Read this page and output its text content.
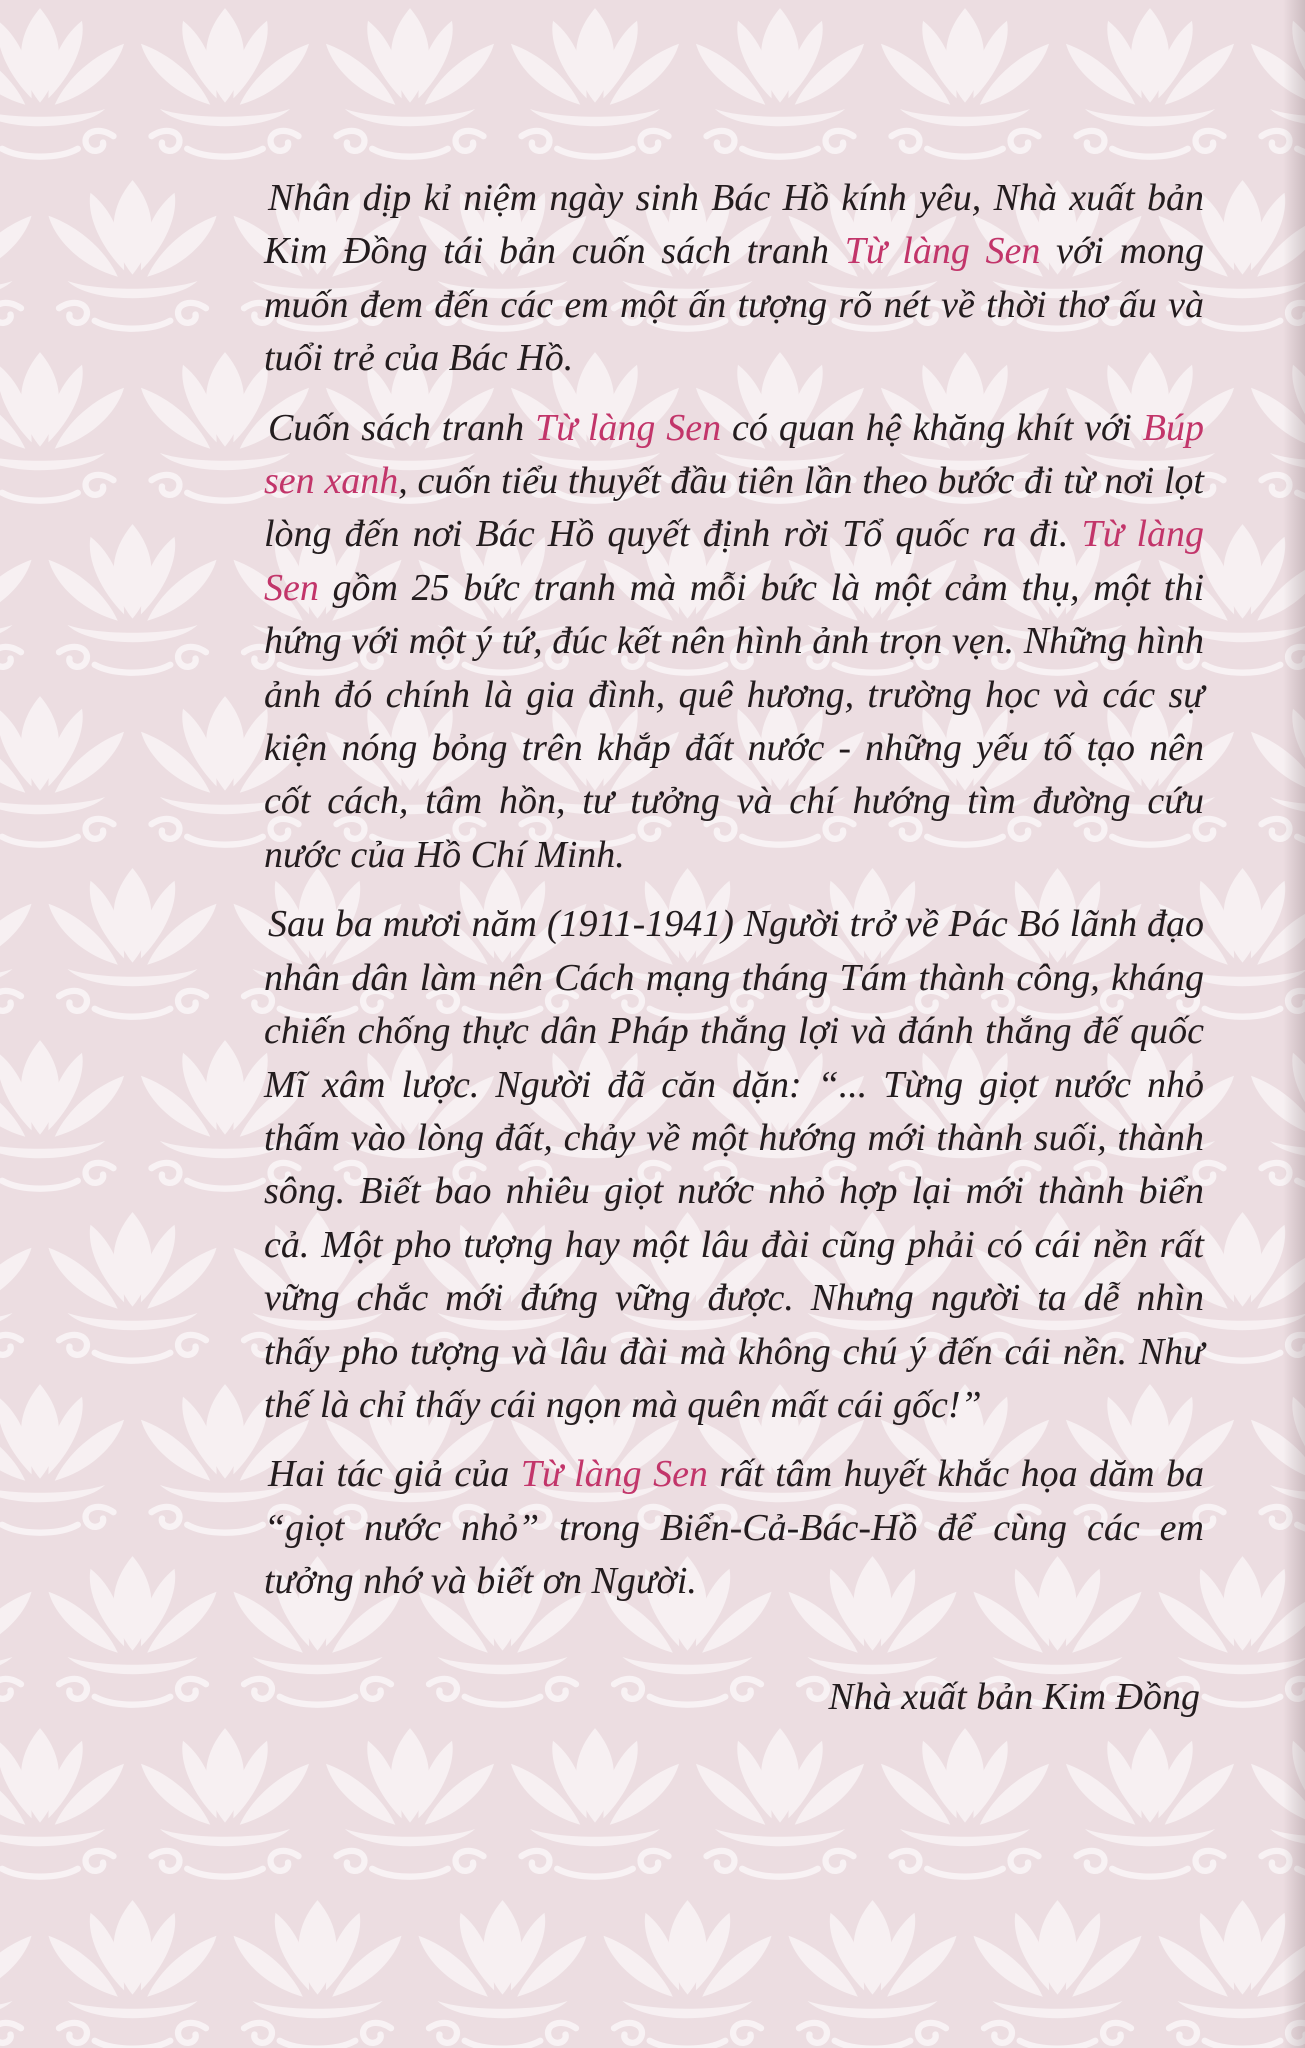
Nhân dịp kỉ niệm ngày sinh Bác Hồ kính yêu, Nhà xuất bản Kim Đồng tái bản cuốn sách tranh Từ làng Sen với mong muốn đem đến các em một ấn tượng rõ nét về thời thơ ấu và tuổi trẻ của Bác Hồ.

Cuốn sách tranh Từ làng Sen có quan hệ khăng khít với Búp sen xanh, cuốn tiểu thuyết đầu tiên lần theo bước đi từ nơi lọt lòng đến nơi Bác Hồ quyết định rời Tổ quốc ra đi. Từ làng Sen gồm 25 bức tranh mà mỗi bức là một cảm thụ, một thi hứng với một ý tứ, đúc kết nên hình ảnh trọn vẹn. Những hình ảnh đó chính là gia đình, quê hương, trường học và các sự kiện nóng bỏng trên khắp đất nước - những yếu tố tạo nên cốt cách, tâm hồn, tư tưởng và chí hướng tìm đường cứu nước của Hồ Chí Minh.

Sau ba mươi năm (1911-1941) Người trở về Pác Bó lãnh đạo nhân dân làm nên Cách mạng tháng Tám thành công, kháng chiến chống thực dân Pháp thắng lợi và đánh thắng đế quốc Mĩ xâm lược. Người đã căn dặn: “... Từng giọt nước nhỏ thấm vào lòng đất, chảy về một hướng mới thành suối, thành sông. Biết bao nhiêu giọt nước nhỏ hợp lại mới thành biển cả. Một pho tượng hay một lâu đài cũng phải có cái nền rất vững chắc mới đứng vững được. Nhưng người ta dễ nhìn thấy pho tượng và lâu đài mà không chú ý đến cái nền. Như thế là chỉ thấy cái ngọn mà quên mất cái gốc!”

Hai tác giả của Từ làng Sen rất tâm huyết khắc họa dăm ba “giọt nước nhỏ” trong Biển-Cả-Bác-Hồ để cùng các em tưởng nhớ và biết ơn Người.

Nhà xuất bản Kim Đồng
